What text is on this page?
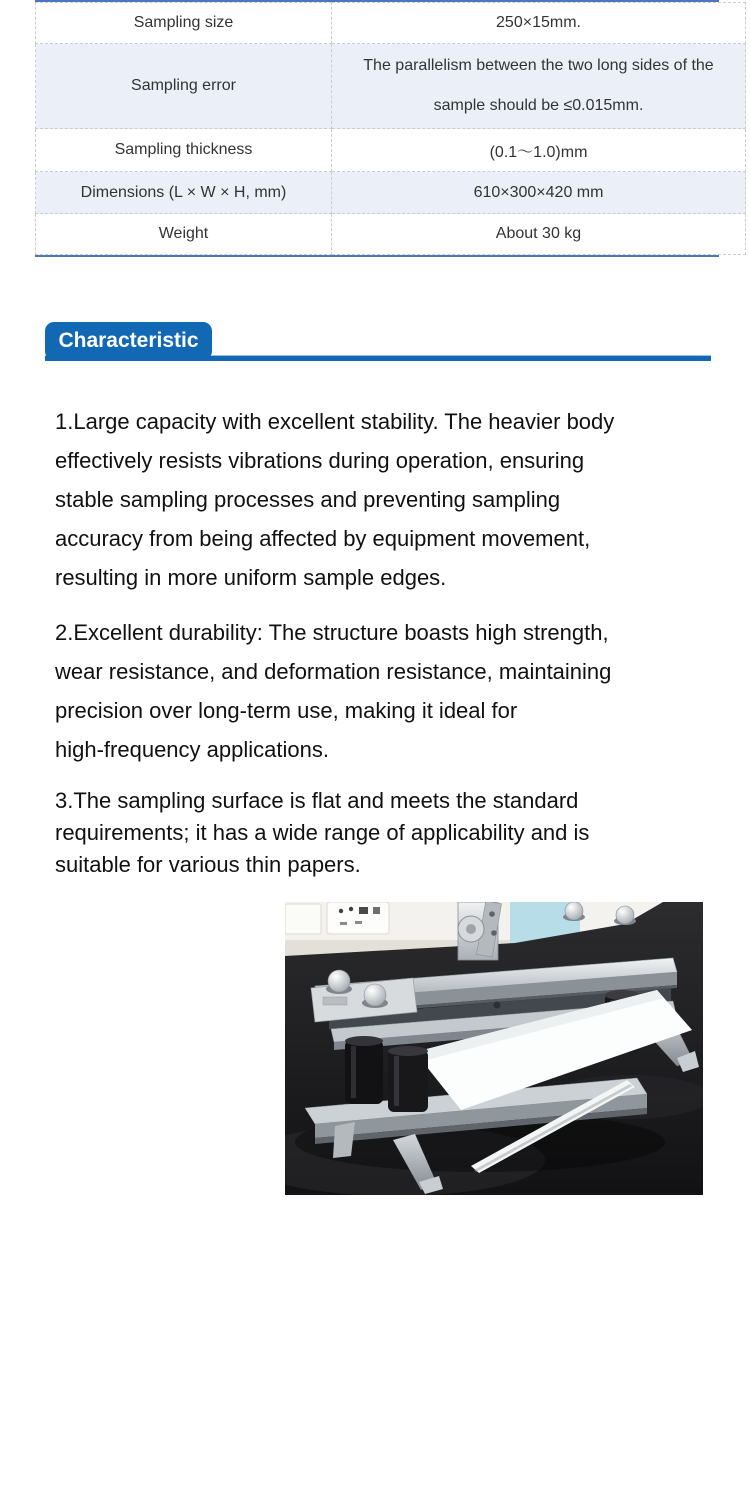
Sampling size	250×15mm.
Sampling error	The parallelism between the two long sides of the sample should be ≤0.015mm.
Sampling thickness	(0.1～1.0)mm
Dimensions (L × W × H, mm)	610×300×420 mm
Weight	About 30 kg
Characteristic

1.Large capacity with excellent stability. The heavier body
effectively resists vibrations during operation, ensuring
stable sampling processes and preventing sampling
accuracy from being affected by equipment movement,
resulting in more uniform sample edges.

2.Excellent durability: The structure boasts high strength,
wear resistance, and deformation resistance, maintaining
precision over long-term use, making it ideal for
high-frequency applications.

3.The sampling surface is flat and meets the standard
requirements; it has a wide range of applicability and is
suitable for various thin papers.
